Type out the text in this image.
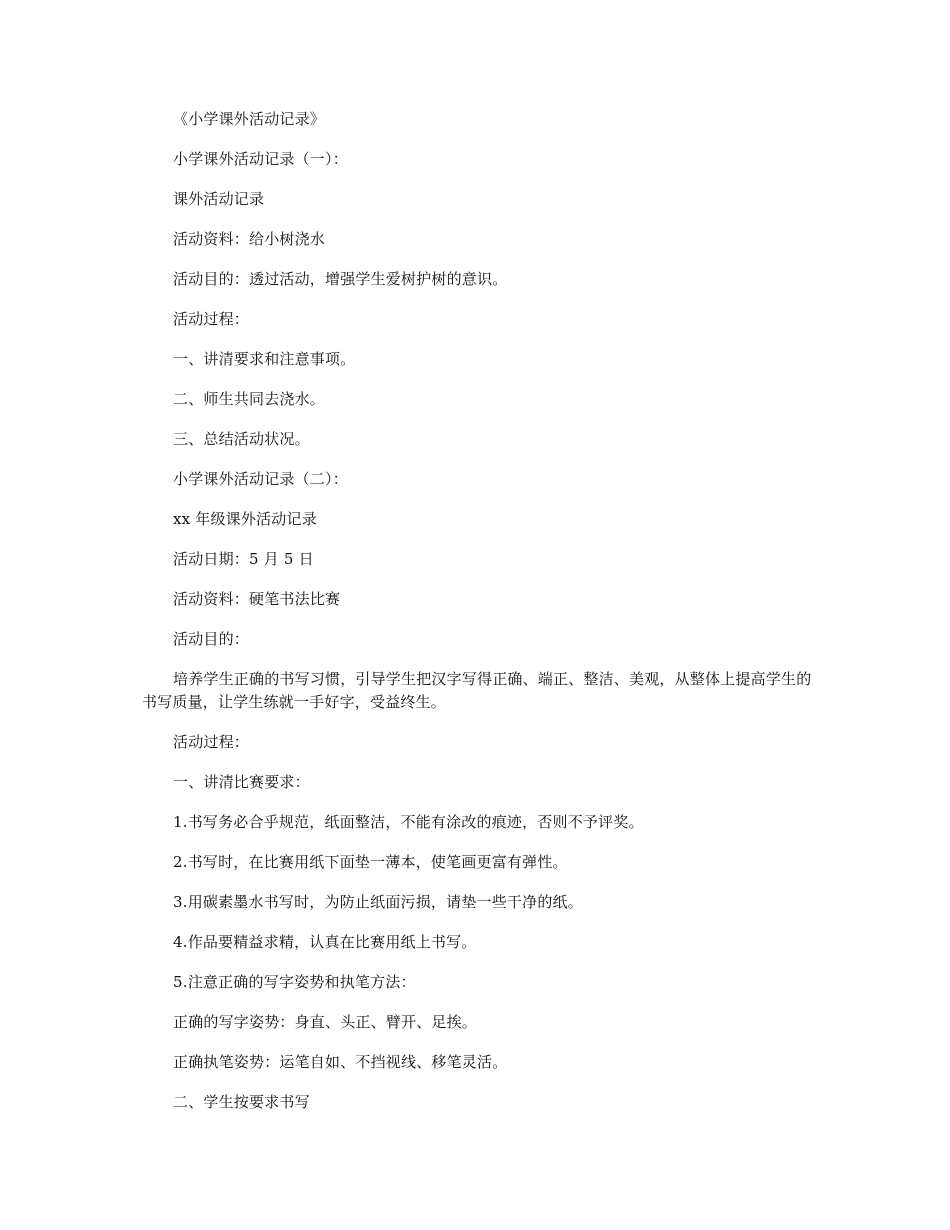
《小学课外活动记录》

小学课外活动记录（一）：

课外活动记录

活动资料：给小树浇水

活动目的：透过活动，增强学生爱树护树的意识。

活动过程：

一、讲清要求和注意事项。

二、师生共同去浇水。

三、总结活动状况。

小学课外活动记录（二）：

xx 年级课外活动记录

活动日期：5 月 5 日

活动资料：硬笔书法比赛

活动目的：

培养学生正确的书写习惯，引导学生把汉字写得正确、端正、整洁、美观，从整体上提高学生的书写质量，让学生练就一手好字，受益终生。

活动过程：

一、讲清比赛要求：

1.书写务必合乎规范，纸面整洁，不能有涂改的痕迹，否则不予评奖。

2.书写时，在比赛用纸下面垫一薄本，使笔画更富有弹性。

3.用碳素墨水书写时，为防止纸面污损，请垫一些干净的纸。

4.作品要精益求精，认真在比赛用纸上书写。

5.注意正确的写字姿势和执笔方法：

正确的写字姿势：身直、头正、臂开、足挨。

正确执笔姿势：运笔自如、不挡视线、移笔灵活。

二、学生按要求书写
